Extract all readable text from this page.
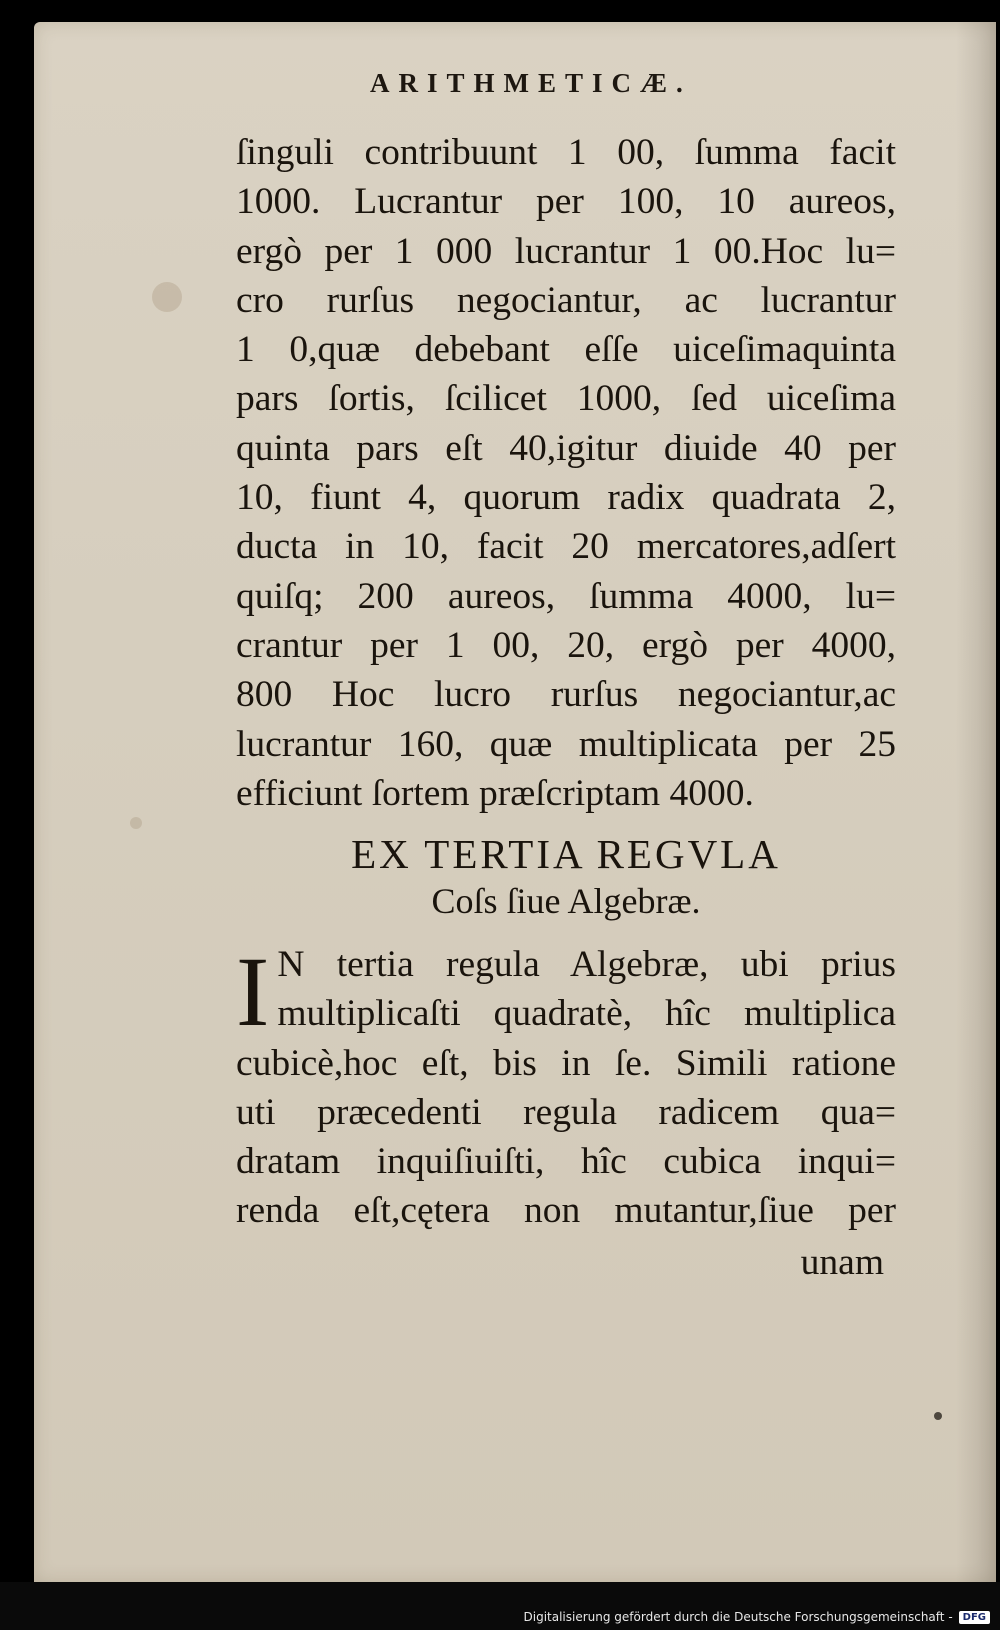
ARITHMETICÆ.
ſinguli contribuunt 1 00, ſumma facit
1000. Lucrantur per 100, 10 aureos,
ergò per 1 000 lucrantur 1 00.Hoc lu=
cro rurſus negociantur, ac lucrantur
1 0,quæ debebant eſſe uiceſimaquinta
pars ſortis, ſcilicet 1000, ſed uiceſima
quinta pars eſt 40,igitur diuide 40 per
10, fiunt 4, quorum radix quadrata 2,
ducta in 10, facit 20 mercatores,adſert
quiſq; 200 aureos, ſumma 4000, lu=
crantur per 1 00, 20, ergò per 4000,
800 Hoc lucro rurſus negociantur,ac
lucrantur 160, quæ multiplicata per 25
efficiunt ſortem præſcriptam 4000.
EX TERTIA REGVLA
Coſs ſiue Algebræ.
I N tertia regula Algebræ, ubi prius
multiplicaſti quadratè, hîc multiplica
cubicè,hoc eſt, bis in ſe. Simili ratione
uti præcedenti regula radicem qua=
dratam inquiſiuiſti, hîc cubica inqui=
renda eſt,cętera non mutantur,ſiue per
unam
Digitalisierung gefördert durch die Deutsche Forschungsgemeinschaft -	DFG
